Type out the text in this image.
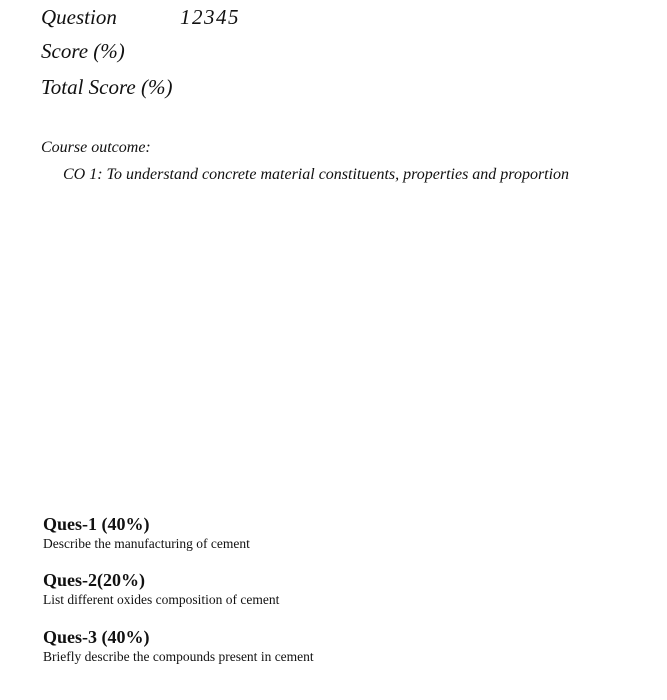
Question	12345
Score (%)
Total Score (%)
Course outcome:
CO 1: To understand concrete material constituents, properties and proportion
Ques-1 (40%)
Describe the manufacturing of cement
Ques-2(20%)
List different oxides composition of cement
Ques-3 (40%)
Briefly describe the compounds present in cement
